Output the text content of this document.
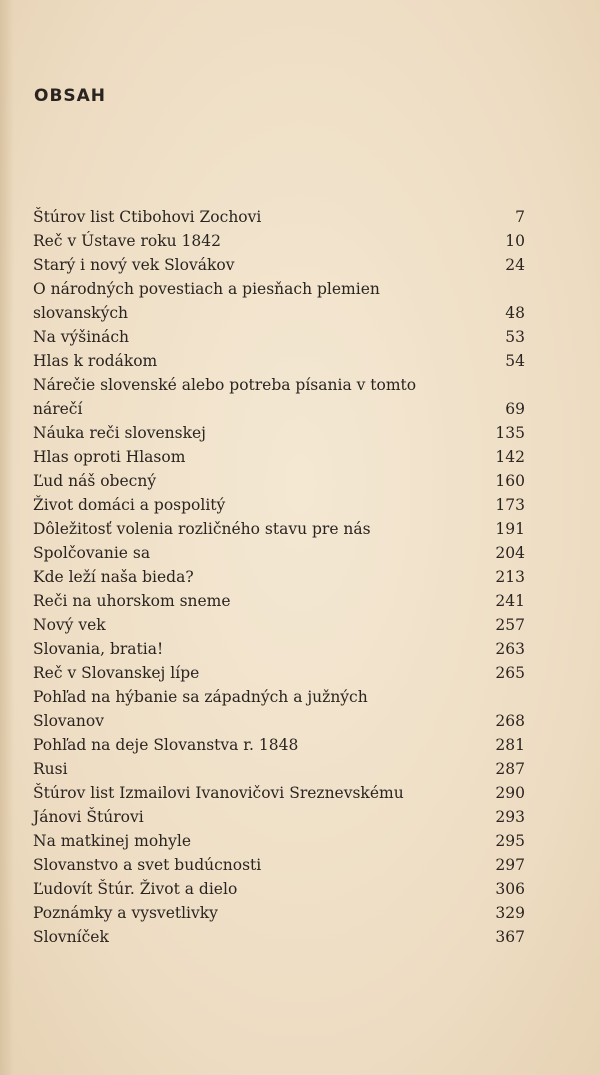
OBSAH
Štúrov list Ctibohovi Zochovi	7
Reč v Ústave roku 1842	10
Starý i nový vek Slovákov	24
O národných povestiach a piesňach plemien
slovanských	48
Na výšinách	53
Hlas k rodákom	54
Nárečie slovenské alebo potreba písania v tomto
nárečí	69
Náuka reči slovenskej	135
Hlas oproti Hlasom	142
Ľud náš obecný	160
Život domáci a pospolitý	173
Dôležitosť volenia rozličného stavu pre nás	191
Spolčovanie sa	204
Kde leží naša bieda?	213
Reči na uhorskom sneme	241
Nový vek	257
Slovania, bratia!	263
Reč v Slovanskej lípe	265
Pohľad na hýbanie sa západných a južných
Slovanov	268
Pohľad na deje Slovanstva r. 1848	281
Rusi	287
Štúrov list Izmailovi Ivanovičovi Sreznevskému	290
Jánovi Štúrovi	293
Na matkinej mohyle	295
Slovanstvo a svet budúcnosti	297
Ľudovít Štúr. Život a dielo	306
Poznámky a vysvetlivky	329
Slovníček	367
